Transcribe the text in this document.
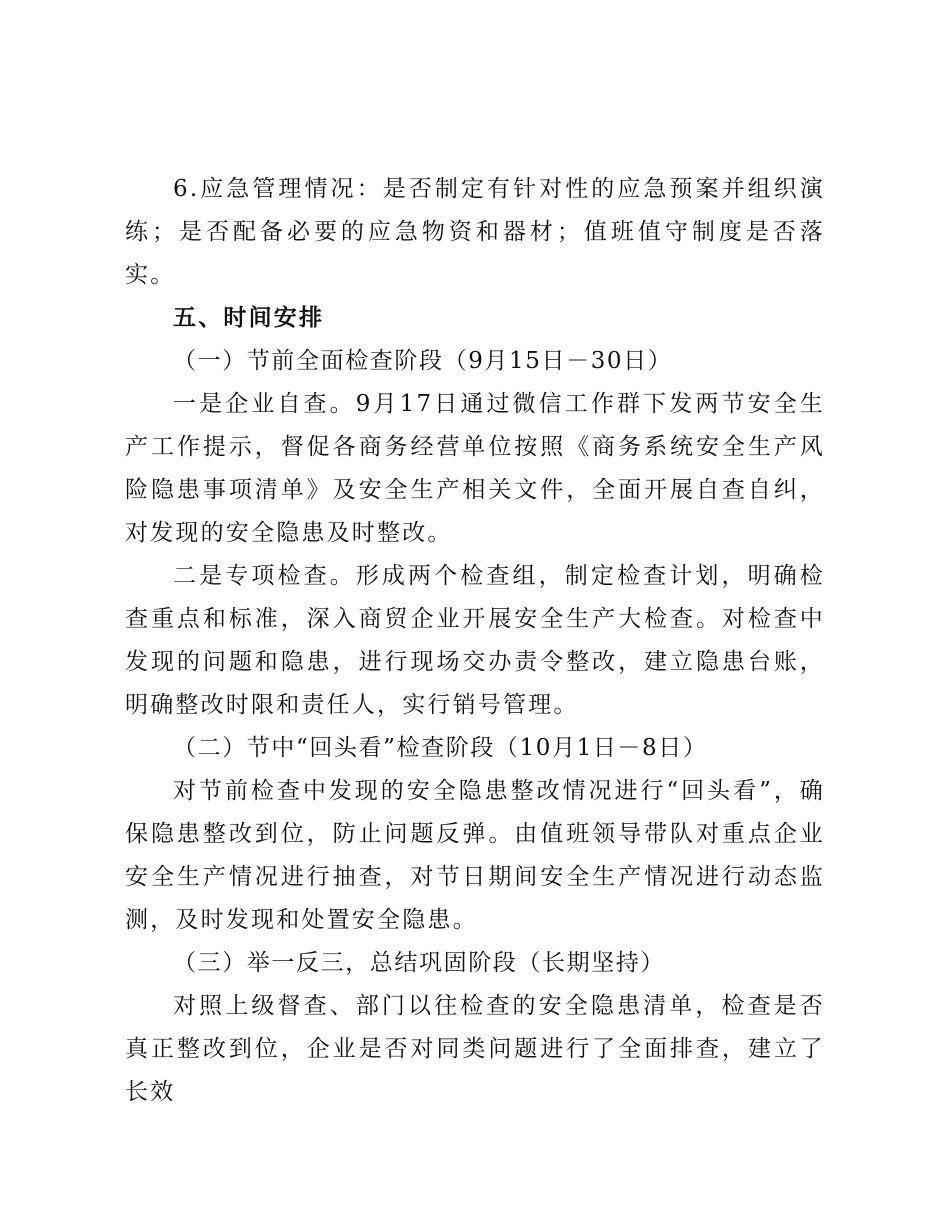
6.应急管理情况：是否制定有针对性的应急预案并组织演练；是否配备必要的应急物资和器材；值班值守制度是否落实。

五、时间安排

（一）节前全面检查阶段（9月15日－30日）

一是企业自查。9月17日通过微信工作群下发两节安全生产工作提示，督促各商务经营单位按照《商务系统安全生产风险隐患事项清单》及安全生产相关文件，全面开展自查自纠，对发现的安全隐患及时整改。

二是专项检查。形成两个检查组，制定检查计划，明确检查重点和标准，深入商贸企业开展安全生产大检查。对检查中发现的问题和隐患，进行现场交办责令整改，建立隐患台账，明确整改时限和责任人，实行销号管理。

（二）节中“回头看”检查阶段（10月1日－8日）

对节前检查中发现的安全隐患整改情况进行“回头看”，确保隐患整改到位，防止问题反弹。由值班领导带队对重点企业安全生产情况进行抽查，对节日期间安全生产情况进行动态监测，及时发现和处置安全隐患。

（三）举一反三，总结巩固阶段（长期坚持）

对照上级督查、部门以往检查的安全隐患清单，检查是否真正整改到位，企业是否对同类问题进行了全面排查，建立了长效
